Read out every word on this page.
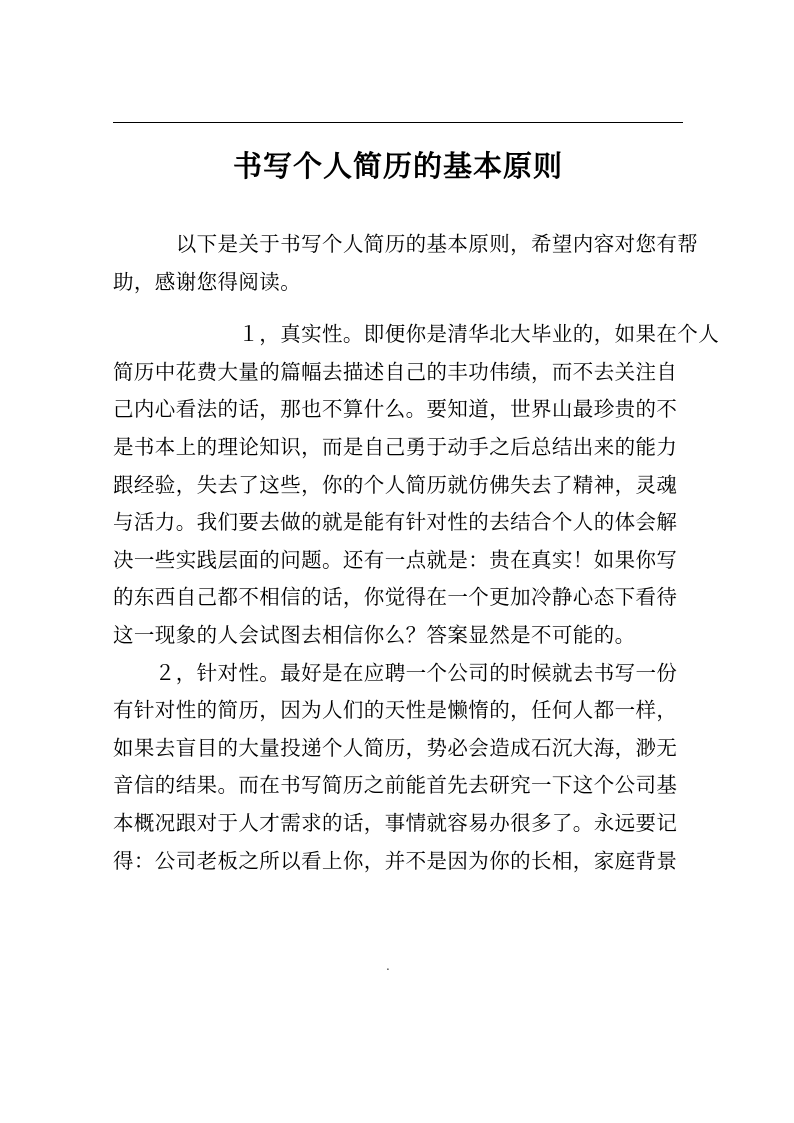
书写个人简历的基本原则
　　　以下是关于书写个人简历的基本原则，希望内容对您有帮
助，感谢您得阅读。
　　　　　　１，真实性。即便你是清华北大毕业的，如果在个人
简历中花费大量的篇幅去描述自己的丰功伟绩，而不去关注自
己内心看法的话，那也不算什么。要知道，世界山最珍贵的不
是书本上的理论知识，而是自己勇于动手之后总结出来的能力
跟经验，失去了这些，你的个人简历就仿佛失去了精神，灵魂
与活力。我们要去做的就是能有针对性的去结合个人的体会解
决一些实践层面的问题。还有一点就是：贵在真实！如果你写
的东西自己都不相信的话，你觉得在一个更加冷静心态下看待
这一现象的人会试图去相信你么？答案显然是不可能的。
　　２，针对性。最好是在应聘一个公司的时候就去书写一份
有针对性的简历，因为人们的天性是懒惰的，任何人都一样，
如果去盲目的大量投递个人简历，势必会造成石沉大海，渺无
音信的结果。而在书写简历之前能首先去研究一下这个公司基
本概况跟对于人才需求的话，事情就容易办很多了。永远要记
得：公司老板之所以看上你，并不是因为你的长相，家庭背景
.
